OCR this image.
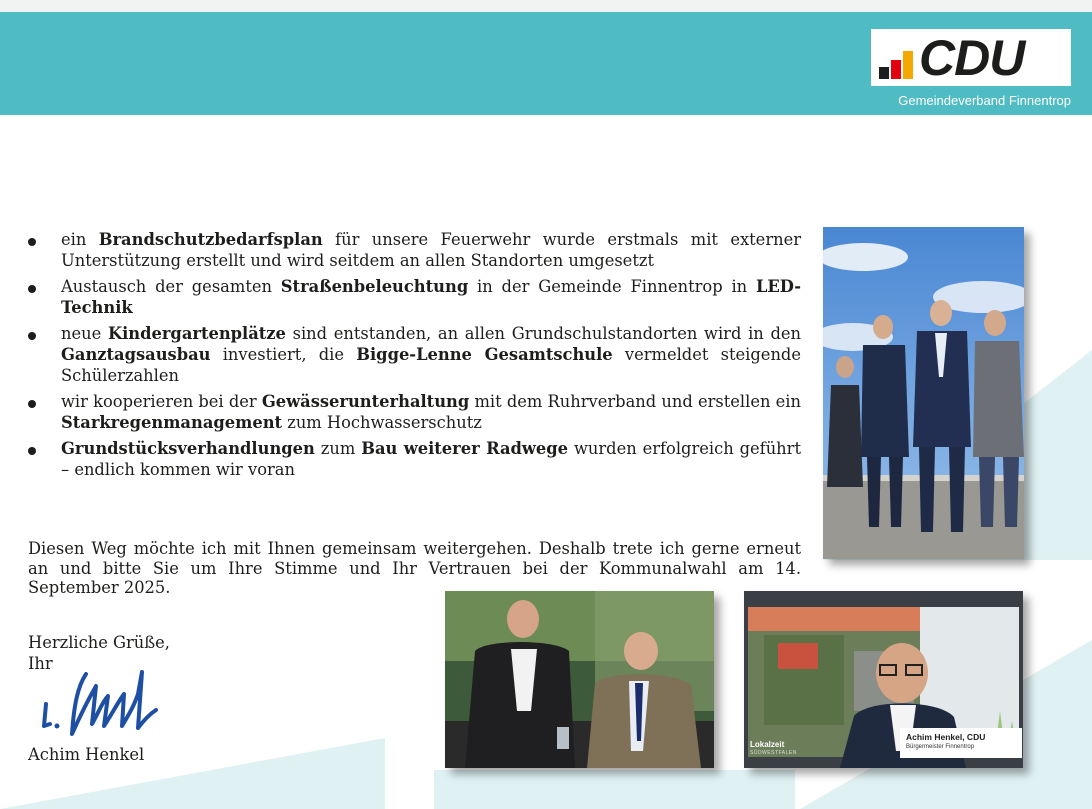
CDU
Gemeindeverband Finnentrop
ein Brandschutzbedarfsplan für unsere Feuerwehr wurde erstmals mit externer Unterstützung erstellt und wird seitdem an allen Standorten umgesetzt
Austausch der gesamten Straßenbeleuchtung in der Gemeinde Finnentrop in LED-Technik
neue Kindergartenplätze sind entstanden, an allen Grundschulstandorten wird in den Ganztagsausbau investiert, die Bigge-Lenne Gesamtschule vermeldet steigende Schülerzahlen
wir kooperieren bei der Gewässerunterhaltung mit dem Ruhrverband und erstellen ein Starkregenmanagement zum Hochwasserschutz
Grundstücksverhandlungen zum Bau weiterer Radwege wurden erfolgreich geführt – endlich kommen wir voran

Diesen Weg möchte ich mit Ihnen gemeinsam weitergehen. Deshalb trete ich gerne erneut an und bitte Sie um Ihre Stimme und Ihr Vertrauen bei der Kommunalwahl am 14. September 2025.

Herzliche Grüße,
Ihr
Achim Henkel
Achim Henkel, CDU
Bürgermeister Finnentrop
Lokalzeit
SÜDWESTFALEN
